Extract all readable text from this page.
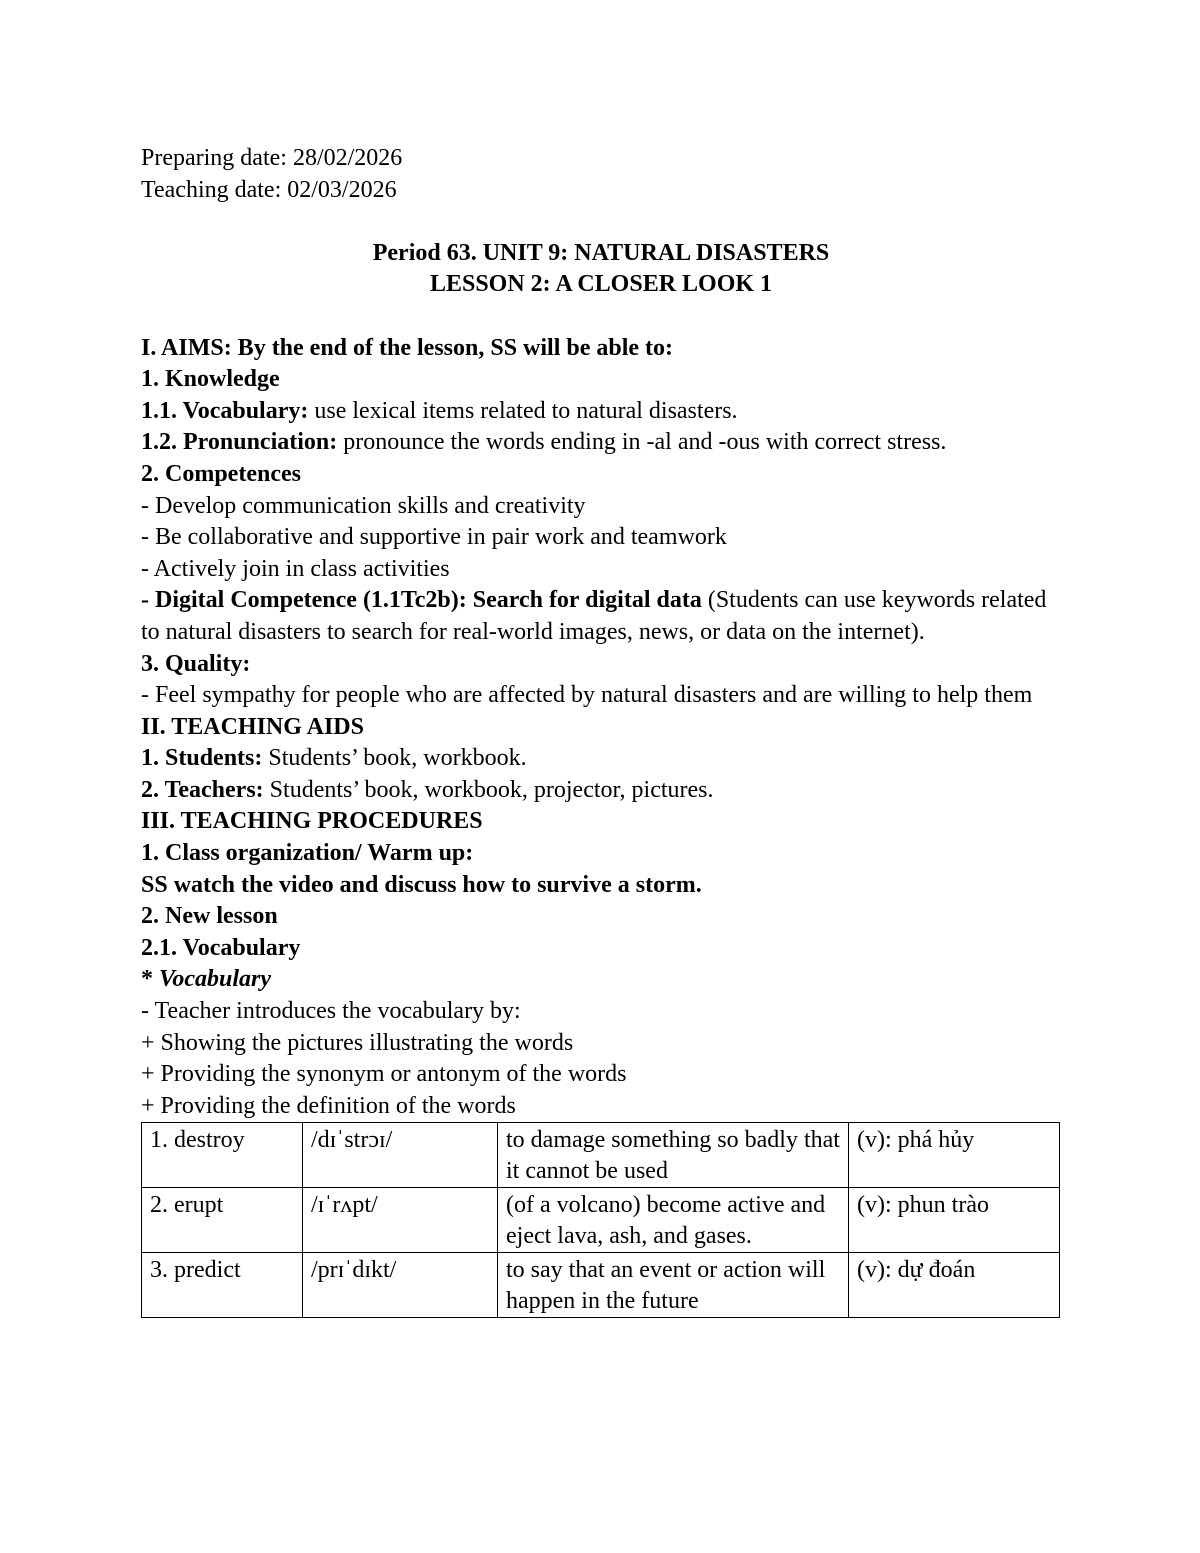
Preparing date: 28/02/2026
Teaching date: 02/03/2026
Period 63. UNIT 9: NATURAL DISASTERS
LESSON 2: A CLOSER LOOK 1
I. AIMS: By the end of the lesson, SS will be able to:
1. Knowledge
1.1. Vocabulary: use lexical items related to natural disasters.
1.2. Pronunciation: pronounce the words ending in -al and -ous with correct stress.
2. Competences
- Develop communication skills and creativity
- Be collaborative and supportive in pair work and teamwork
- Actively join in class activities
- Digital Competence (1.1Tc2b): Search for digital data (Students can use keywords related to natural disasters to search for real-world images, news, or data on the internet).
3. Quality:
- Feel sympathy for people who are affected by natural disasters and are willing to help them
II. TEACHING AIDS
1. Students: Students’ book, workbook.
2. Teachers: Students’ book, workbook, projector, pictures.
III. TEACHING PROCEDURES
1. Class organization/ Warm up:
SS watch the video and discuss how to survive a storm.
2. New lesson
2.1. Vocabulary
* Vocabulary
- Teacher introduces the vocabulary by:
+ Showing the pictures illustrating the words
+ Providing the synonym or antonym of the words
+ Providing the definition of the words
1. destroy	/dɪˈstrɔɪ/	to damage something so badly that it cannot be used	(v): phá hủy
2. erupt	/ɪˈrʌpt/	(of a volcano) become active and eject lava, ash, and gases.	(v): phun trào
3. predict	/prɪˈdɪkt/	to say that an event or action will happen in the future	(v): dự đoán
